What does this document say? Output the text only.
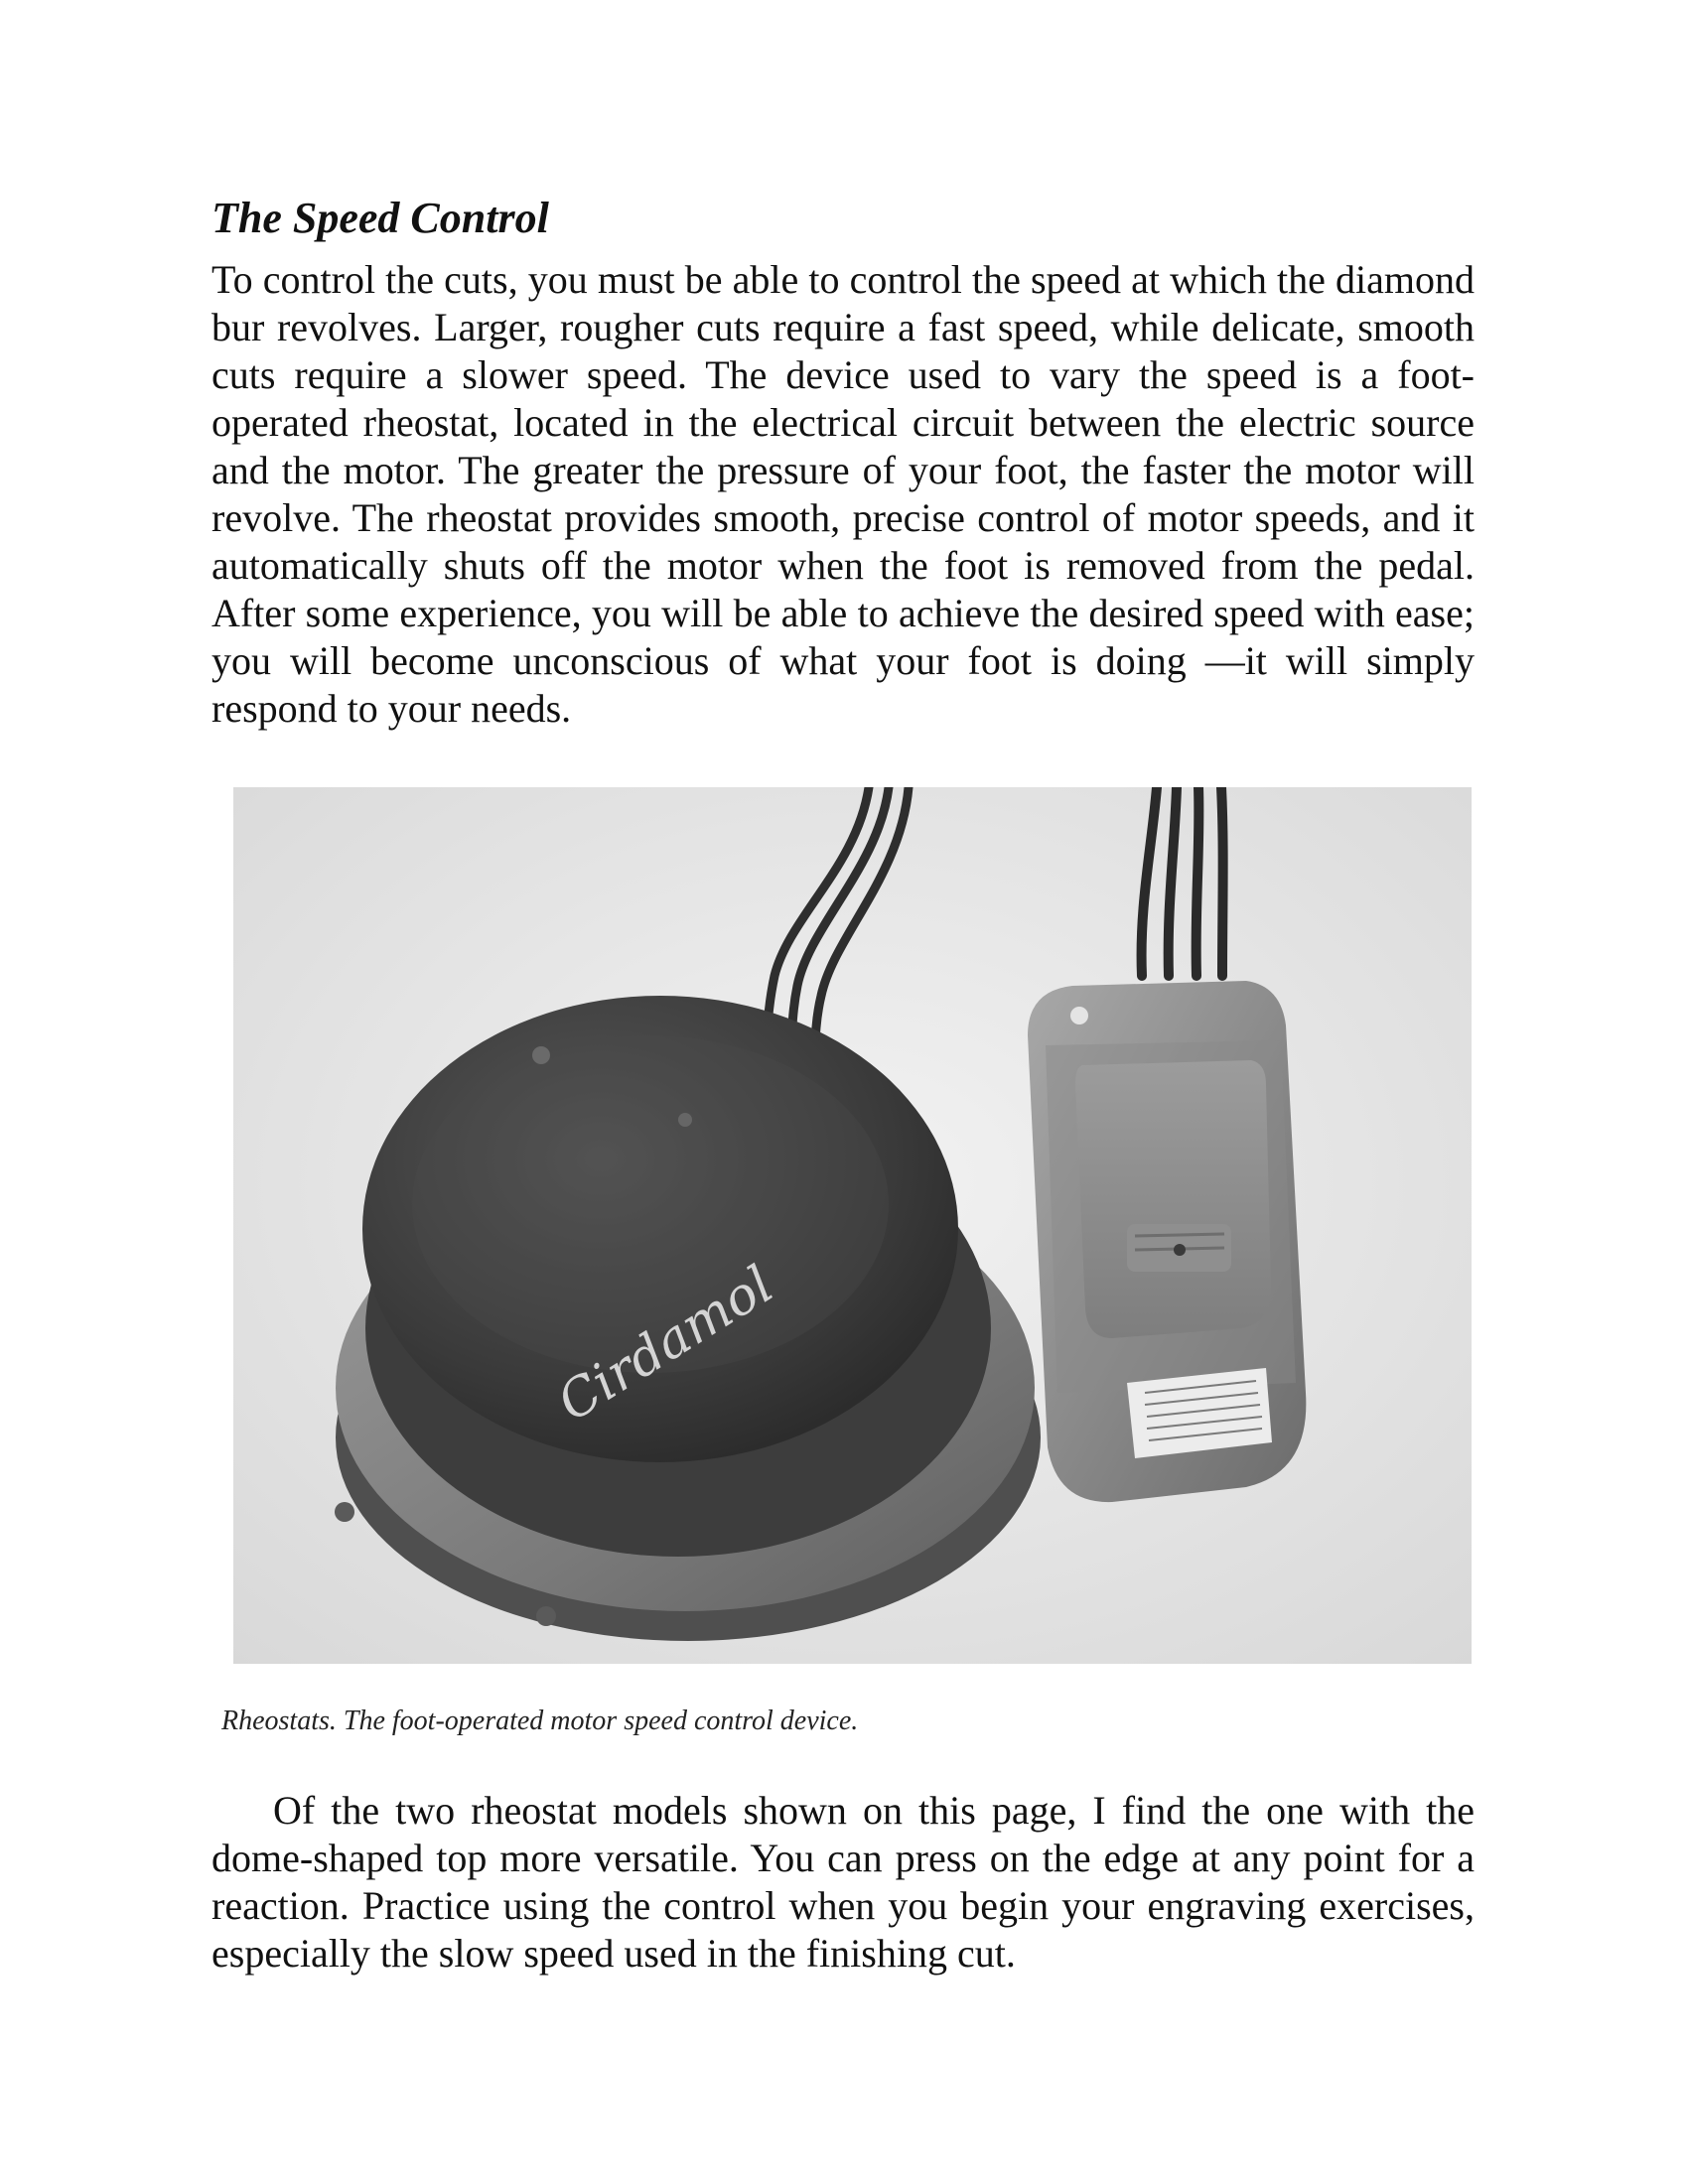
The Speed Control

To control the cuts, you must be able to control the speed at which the diamond bur revolves. Larger, rougher cuts require a fast speed, while delicate, smooth cuts require a slower speed. The device used to vary the speed is a foot-operated rheostat, located in the electrical circuit between the electric source and the motor. The greater the pressure of your foot, the faster the motor will revolve. The rheostat provides smooth, precise control of motor speeds, and it automatically shuts off the motor when the foot is removed from the pedal. After some experience, you will be able to achieve the desired speed with ease; you will become unconscious of what your foot is doing —it will simply respond to your needs.

Cirdamol

Rheostats. The foot-operated motor speed control device.

Of the two rheostat models shown on this page, I find the one with the dome-shaped top more versatile. You can press on the edge at any point for a reaction. Practice using the control when you begin your engraving exercises, especially the slow speed used in the finishing cut.
